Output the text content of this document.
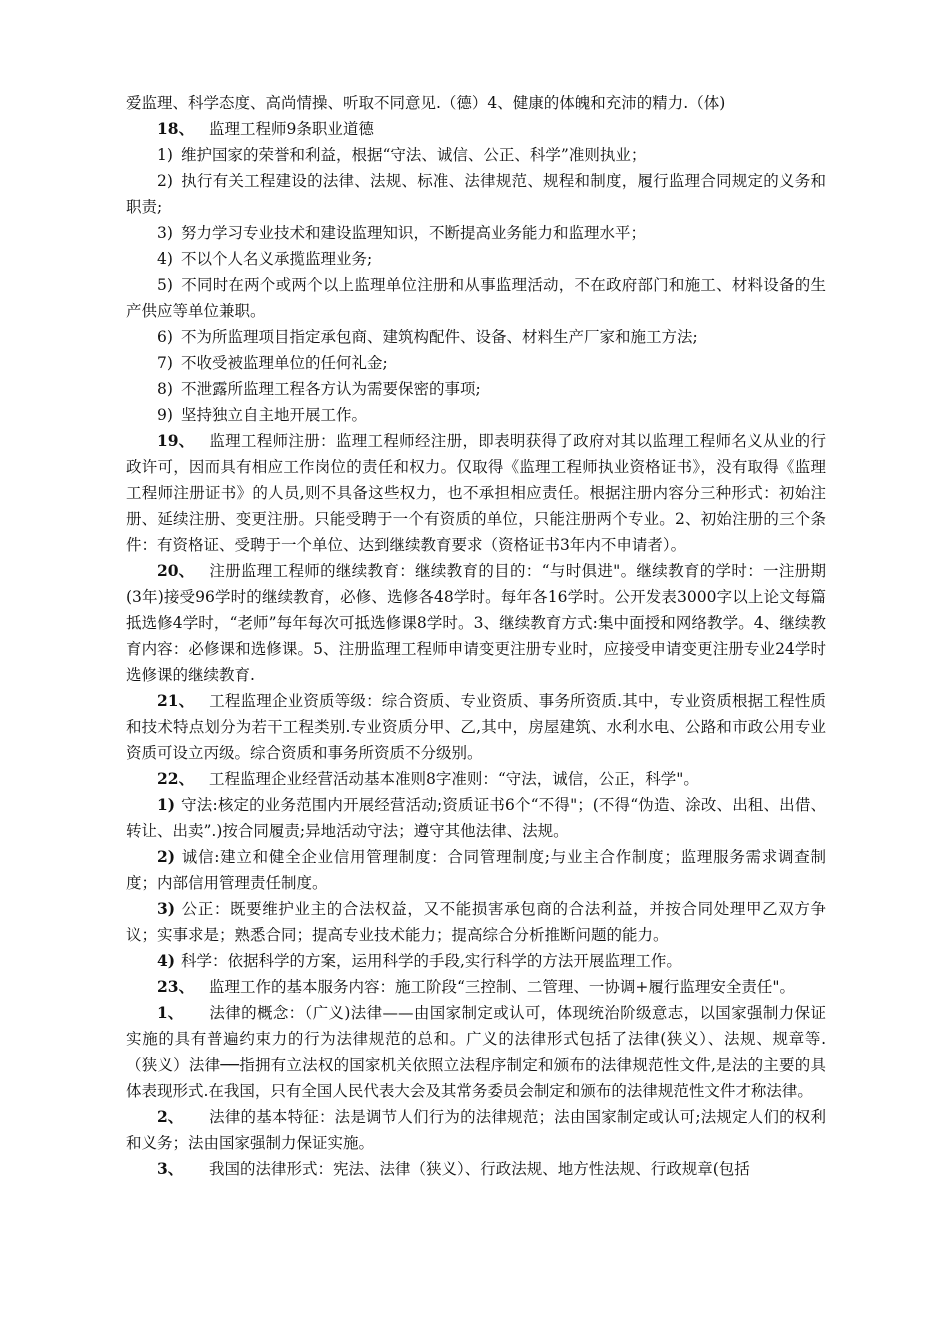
爱监理、科学态度、高尚情操、听取不同意见.（德）4、健康的体魄和充沛的精力.（体)

18、 监理工程师9条职业道德

1) 维护国家的荣誉和利益，根据“守法、诚信、公正、科学”准则执业；

2) 执行有关工程建设的法律、法规、标准、法律规范、规程和制度，履行监理合同规定的义务和职责;

3) 努力学习专业技术和建设监理知识，不断提高业务能力和监理水平；

4) 不以个人名义承揽监理业务;

5) 不同时在两个或两个以上监理单位注册和从事监理活动，不在政府部门和施工、材料设备的生产供应等单位兼职。

6) 不为所监理项目指定承包商、建筑构配件、设备、材料生产厂家和施工方法;

7) 不收受被监理单位的任何礼金;

8) 不泄露所监理工程各方认为需要保密的事项;

9) 坚持独立自主地开展工作。

19、 监理工程师注册：监理工程师经注册，即表明获得了政府对其以监理工程师名义从业的行政许可，因而具有相应工作岗位的责任和权力。仅取得《监理工程师执业资格证书》，没有取得《监理工程师注册证书》的人员,则不具备这些权力，也不承担相应责任。根据注册内容分三种形式：初始注册、延续注册、变更注册。只能受聘于一个有资质的单位，只能注册两个专业。2、初始注册的三个条件：有资格证、受聘于一个单位、达到继续教育要求（资格证书3年内不申请者）。

20、 注册监理工程师的继续教育：继续教育的目的：“与时俱进"。继续教育的学时：一注册期(3年)接受96学时的继续教育，必修、选修各48学时。每年各16学时。公开发表3000字以上论文每篇抵选修4学时，“老师”每年每次可抵选修课8学时。3、继续教育方式:集中面授和网络教学。4、继续教育内容：必修课和选修课。5、注册监理工程师申请变更注册专业时，应接受申请变更注册专业24学时选修课的继续教育.

21、 工程监理企业资质等级：综合资质、专业资质、事务所资质.其中，专业资质根据工程性质和技术特点划分为若干工程类别.专业资质分甲、乙,其中，房屋建筑、水利水电、公路和市政公用专业资质可设立丙级。综合资质和事务所资质不分级别。

22、 工程监理企业经营活动基本准则8字准则：“守法，诚信，公正，科学"。

1) 守法:核定的业务范围内开展经营活动;资质证书6个“不得"；(不得“伪造、涂改、出租、出借、转让、出卖”.)按合同履责;异地活动守法；遵守其他法律、法规。

2) 诚信:建立和健全企业信用管理制度：合同管理制度;与业主合作制度；监理服务需求调查制度；内部信用管理责任制度。

3) 公正：既要维护业主的合法权益，又不能损害承包商的合法利益，并按合同处理甲乙双方争议；实事求是；熟悉合同；提高专业技术能力；提高综合分析推断问题的能力。

4) 科学：依据科学的方案，运用科学的手段,实行科学的方法开展监理工作。

23、 监理工作的基本服务内容：施工阶段“三控制、二管理、一协调+履行监理安全责任"。

1、 法律的概念：（广义)法律——由国家制定或认可，体现统治阶级意志，以国家强制力保证实施的具有普遍约束力的行为法律规范的总和。广义的法律形式包括了法律(狭义）、法规、规章等.（狭义）法律──指拥有立法权的国家机关依照立法程序制定和颁布的法律规范性文件,是法的主要的具体表现形式.在我国，只有全国人民代表大会及其常务委员会制定和颁布的法律规范性文件才称法律。

2、 法律的基本特征：法是调节人们行为的法律规范；法由国家制定或认可;法规定人们的权利和义务；法由国家强制力保证实施。

3、 我国的法律形式：宪法、法律（狭义）、行政法规、地方性法规、行政规章(包括
